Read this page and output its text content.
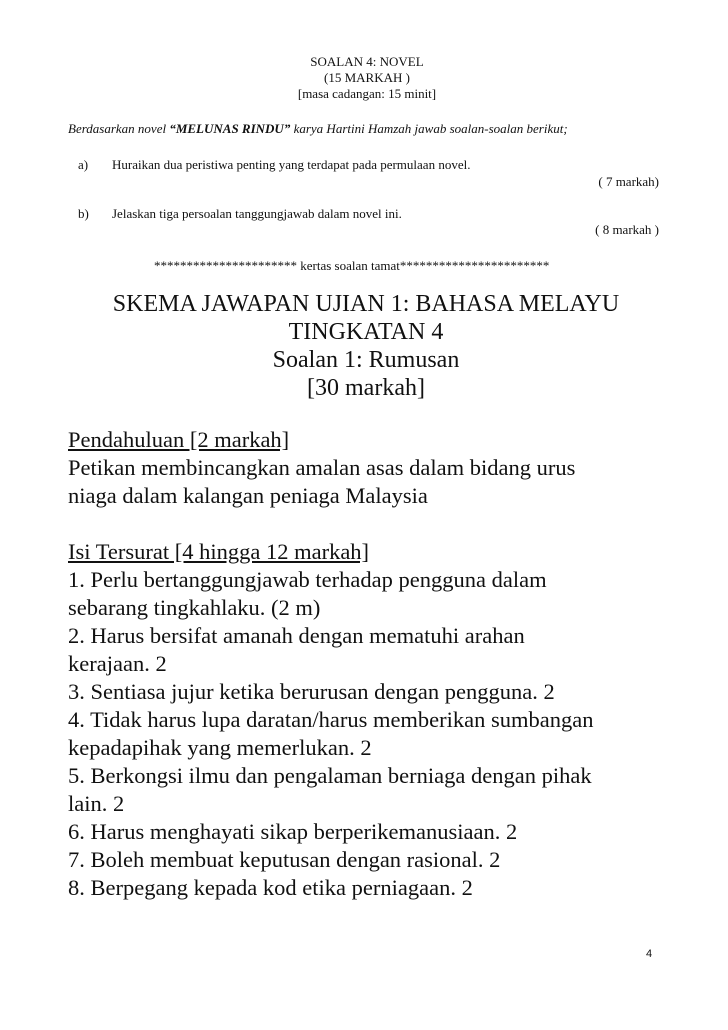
SOALAN 4: NOVEL
(15 MARKAH )
[masa cadangan: 15 minit]
Berdasarkan novel “MELUNAS RINDU” karya Hartini Hamzah jawab soalan-soalan berikut;
a) Huraikan dua peristiwa penting yang terdapat pada permulaan novel.
( 7 markah)
b) Jelaskan tiga persoalan tanggungjawab dalam novel ini.
( 8 markah )
********************** kertas soalan tamat***********************
SKEMA JAWAPAN UJIAN 1: BAHASA MELAYU
TINGKATAN 4
Soalan 1: Rumusan
[30 markah]
Pendahuluan [2 markah]
Petikan membincangkan amalan asas dalam bidang urus
niaga dalam kalangan peniaga Malaysia
Isi Tersurat [4 hingga 12 markah]
1. Perlu bertanggungjawab terhadap pengguna dalam
sebarang tingkahlaku. (2 m)
2. Harus bersifat amanah dengan mematuhi arahan
kerajaan. 2
3. Sentiasa jujur ketika berurusan dengan pengguna. 2
4. Tidak harus lupa daratan/harus memberikan sumbangan
kepadapihak yang memerlukan. 2
5. Berkongsi ilmu dan pengalaman berniaga dengan pihak
lain. 2
6. Harus menghayati sikap berperikemanusiaan. 2
7. Boleh membuat keputusan dengan rasional. 2
8. Berpegang kepada kod etika perniagaan. 2
4
